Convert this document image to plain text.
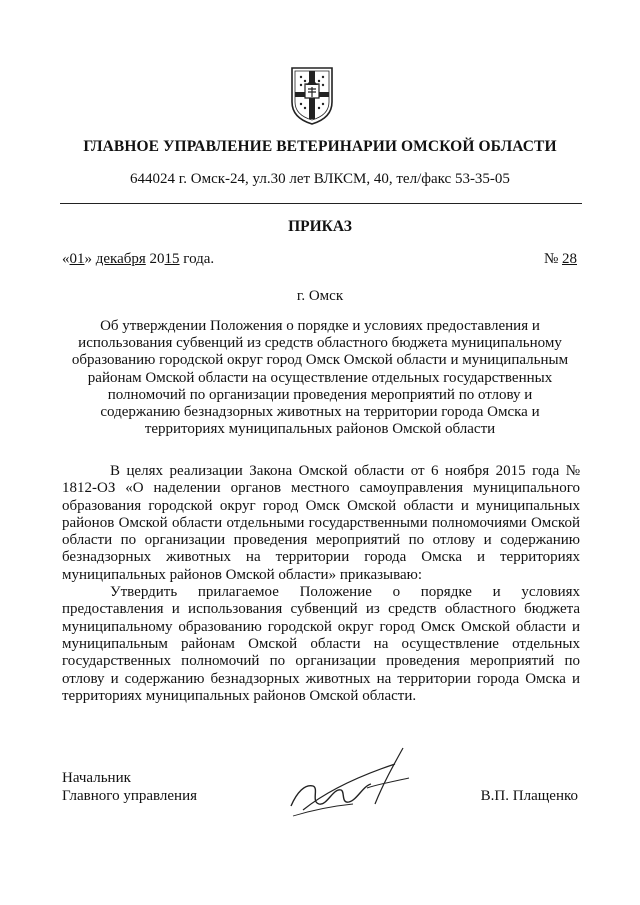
ГЛАВНОЕ УПРАВЛЕНИЕ ВЕТЕРИНАРИИ ОМСКОЙ ОБЛАСТИ
644024 г. Омск-24, ул.30 лет ВЛКСМ, 40, тел/факс 53-35-05
ПРИКАЗ
«01» декабря 2015 года.	№ 28
г. Омск
Об утверждении Положения о порядке и условиях предоставления и использования субвенций из средств областного бюджета муниципальному образованию городской округ город Омск Омской области и муниципальным районам Омской области на осуществление отдельных государственных полномочий по организации проведения мероприятий по отлову и содержанию безнадзорных животных на территории города Омска и территориях муниципальных районов Омской области

В целях реализации Закона Омской области от 6 ноября 2015 года № 1812-ОЗ «О наделении органов местного самоуправления муниципального образования городской округ город Омск Омской области и муниципальных районов Омской области отдельными государственными полномочиями Омской области по организации проведения мероприятий по отлову и содержанию безнадзорных животных на территории города Омска и территориях муниципальных районов Омской области» приказываю:

Утвердить прилагаемое Положение о порядке и условиях предоставления и использования субвенций из средств областного бюджета муниципальному образованию городской округ город Омск Омской области и муниципальным районам Омской области на осуществление отдельных государственных полномочий по организации проведения мероприятий по отлову и содержанию безнадзорных животных на территории города Омска и территориях муниципальных районов Омской области.

Начальник
Главного управления	В.П. Плащенко
